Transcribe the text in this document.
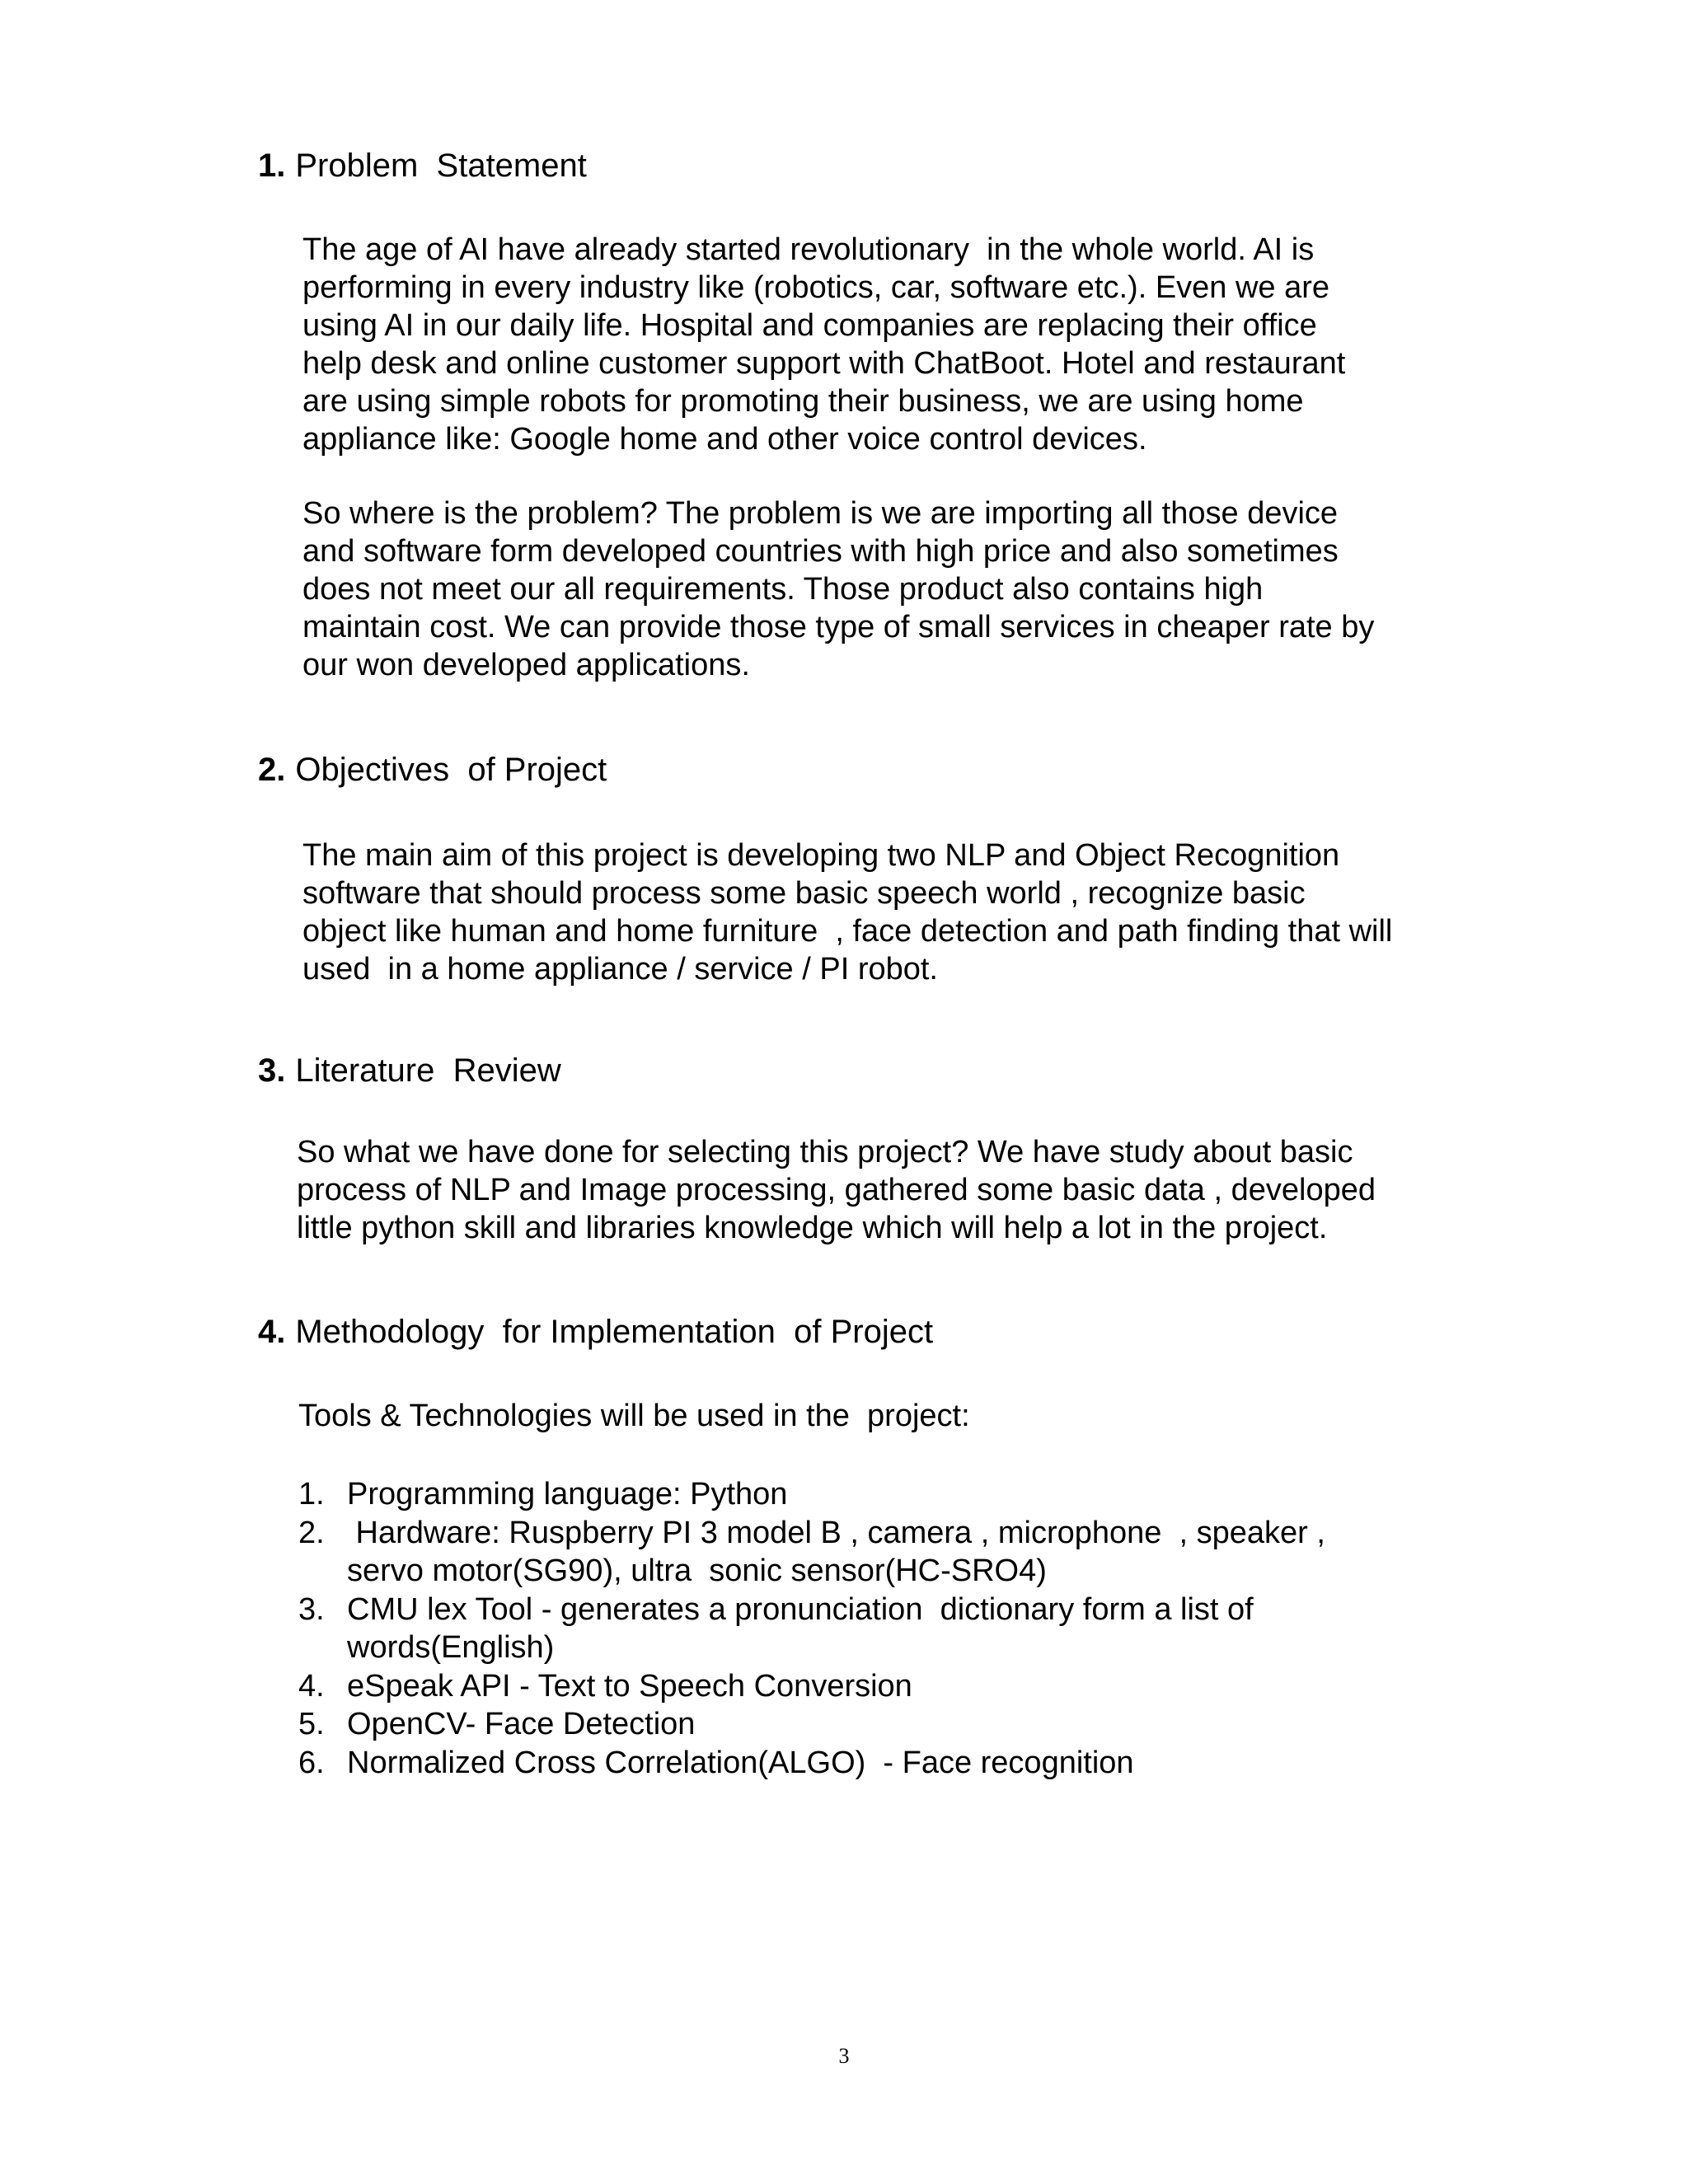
1. Problem  Statement
The age of AI have already started revolutionary  in the whole world. AI is
performing in every industry like (robotics, car, software etc.). Even we are
using AI in our daily life. Hospital and companies are replacing their office
help desk and online customer support with ChatBoot. Hotel and restaurant
are using simple robots for promoting their business, we are using home
appliance like: Google home and other voice control devices.
So where is the problem? The problem is we are importing all those device
and software form developed countries with high price and also sometimes
does not meet our all requirements. Those product also contains high
maintain cost. We can provide those type of small services in cheaper rate by
our won developed applications.
2. Objectives  of Project
The main aim of this project is developing two NLP and Object Recognition
software that should process some basic speech world , recognize basic
object like human and home furniture  , face detection and path finding that will
used  in a home appliance / service / PI robot.
3. Literature  Review
So what we have done for selecting this project? We have study about basic
process of NLP and Image processing, gathered some basic data , developed
little python skill and libraries knowledge which will help a lot in the project.
4. Methodology  for Implementation  of Project
Tools & Technologies will be used in the  project:
1. Programming language: Python
2. Hardware: Ruspberry PI 3 model B , camera , microphone  , speaker ,
servo motor(SG90), ultra  sonic sensor(HC-SRO4)
3. CMU lex Tool - generates a pronunciation  dictionary form a list of
words(English)
4. eSpeak API - Text to Speech Conversion
5. OpenCV- Face Detection
6. Normalized Cross Correlation(ALGO)  - Face recognition
3
